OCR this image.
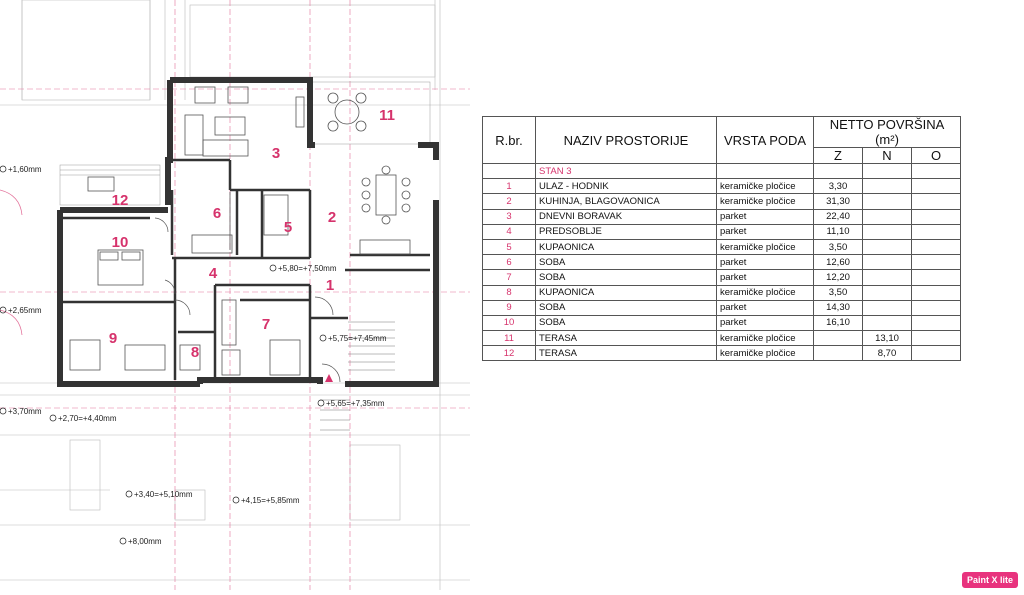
1
2
3
4
5
6
7
8
9
10
11
12
+1,60mm
+2,65mm
+3,70mm
+5,80=+7,50mm
+5,75=+7,45mm
+5,65=+7,35mm
+2,70=+4,40mm
+3,40=+5,10mm
+4,15=+5,85mm
+8,00mm
R.br.	NAZIV PROSTORIJE	VRSTA PODA	NETTO POVRŠINA (m²)		
			Z	N	O
	STAN 3				
1	ULAZ - HODNIK	keramičke pločice	3,30		
2	KUHINJA, BLAGOVAONICA	keramičke pločice	31,30		
3	DNEVNI BORAVAK	parket	22,40		
4	PREDSOBLJE	parket	11,10		
5	KUPAONICA	keramičke pločice	3,50		
6	SOBA	parket	12,60		
7	SOBA	parket	12,20		
8	KUPAONICA	keramičke pločice	3,50		
9	SOBA	parket	14,30		
10	SOBA	parket	16,10		
11	TERASA	keramičke pločice		13,10	
12	TERASA	keramičke pločice		8,70	
Paint X lite
